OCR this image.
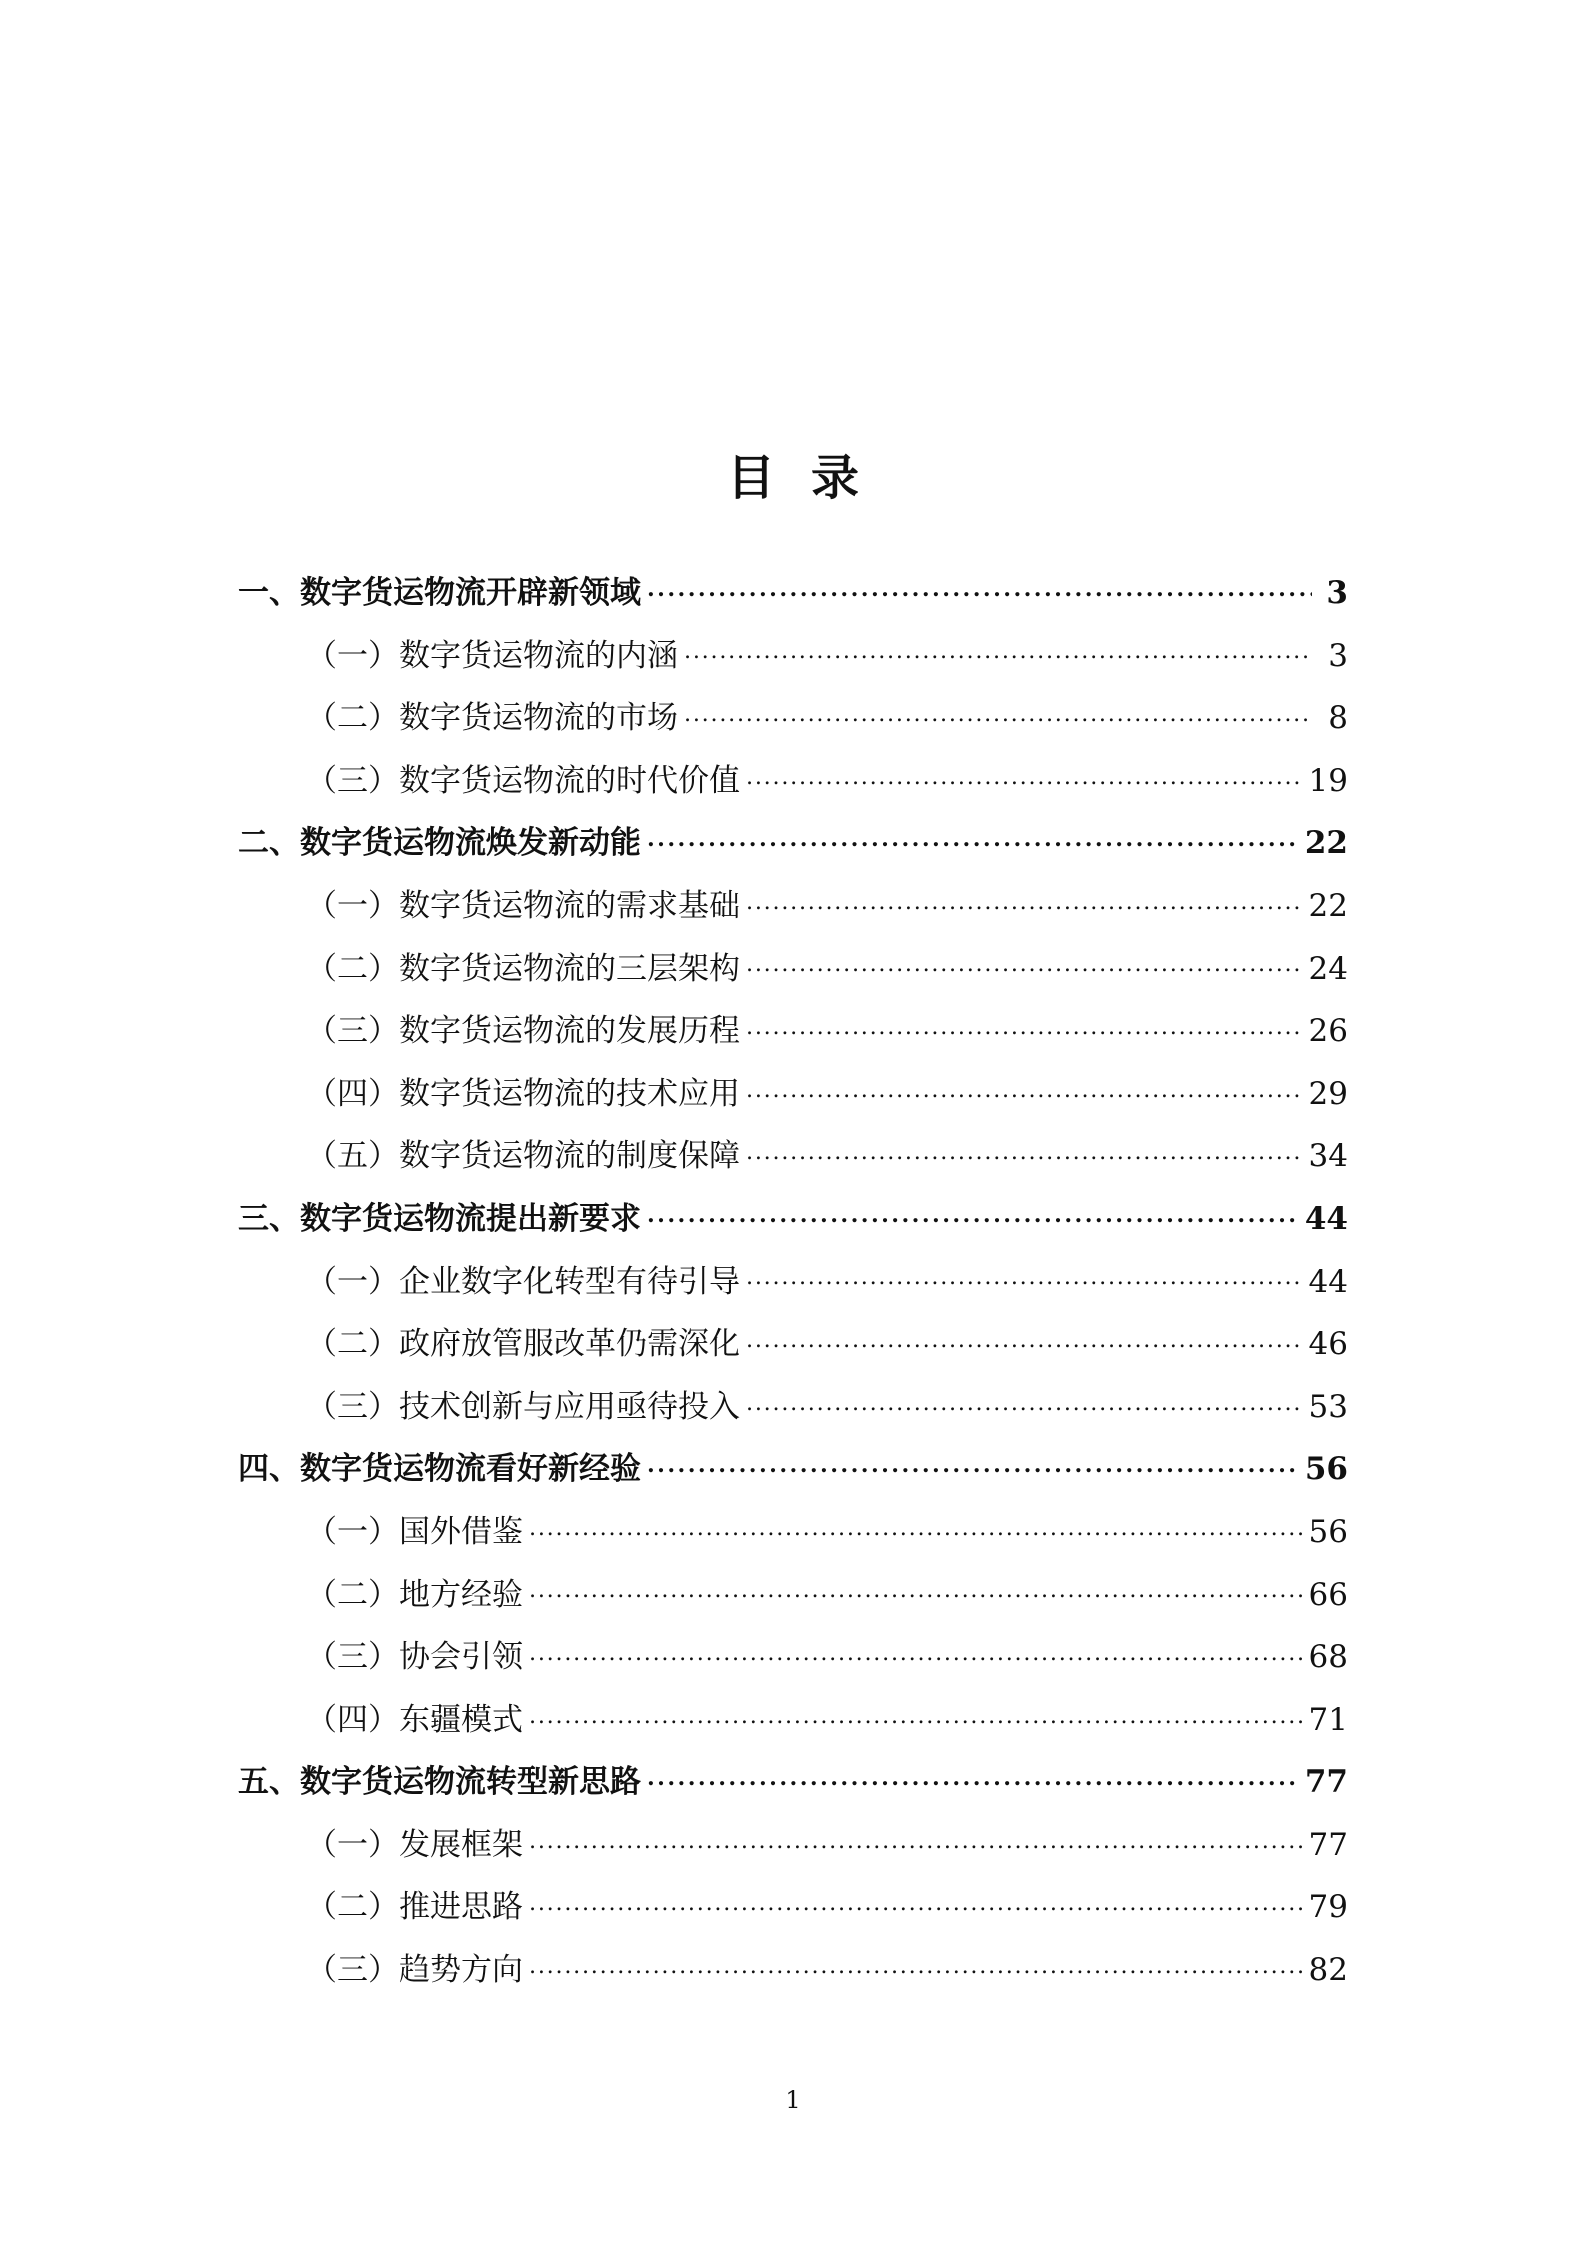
目录
一、数字货运物流开辟新领域 . . .	3
（一）数字货运物流的内涵 . . .	3
（二）数字货运物流的市场 . . .	8
（三）数字货运物流的时代价值 . . .	19
二、数字货运物流焕发新动能 . . .	22
（一）数字货运物流的需求基础 . . .	22
（二）数字货运物流的三层架构 . . .	24
（三）数字货运物流的发展历程 . . .	26
（四）数字货运物流的技术应用 . . .	29
（五）数字货运物流的制度保障 . . .	34
三、数字货运物流提出新要求 . . .	44
（一）企业数字化转型有待引导 . . .	44
（二）政府放管服改革仍需深化 . . .	46
（三）技术创新与应用亟待投入 . . .	53
四、数字货运物流看好新经验 . . .	56
（一）国外借鉴 . . .	56
（二）地方经验 . . .	66
（三）协会引领 . . .	68
（四）东疆模式 . . .	71
五、数字货运物流转型新思路 . . .	77
（一）发展框架 . . .	77
（二）推进思路 . . .	79
（三）趋势方向 . . .	82
1
